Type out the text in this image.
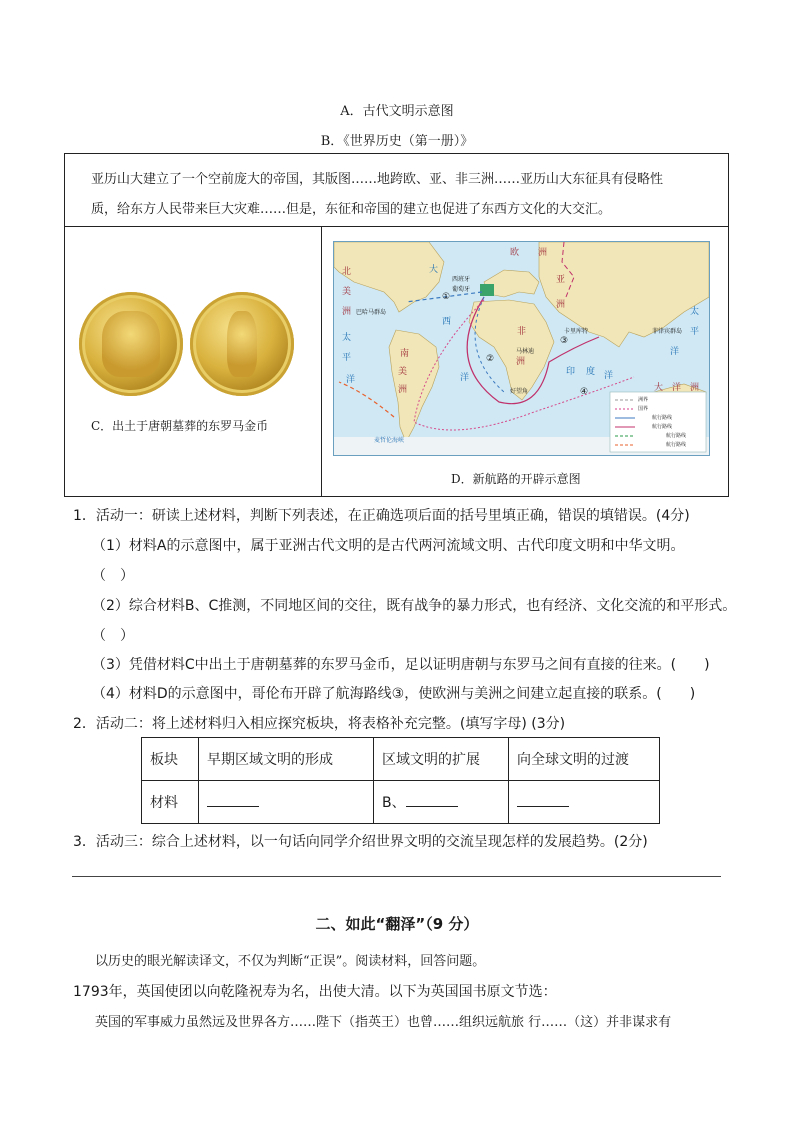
A．古代文明示意图
B．《世界历史（第一册）》
亚历山大建立了一个空前庞大的帝国，其版图……地跨欧、亚、非三洲……亚历山大东征具有侵略性
质，给东方人民带来巨大灾难……但是，东征和帝国的建立也促进了东西方文化的大交汇。
C．出土于唐朝墓葬的东罗马金币
D．新航路的开辟示意图
北
美
洲
太
平
洋
大
西
南
美
洲
欧 洲
亚
洲
非
洲
印 度 洋
洋
大 洋 洲
太
平
洋
西班牙
葡萄牙
巴哈马群岛
卡里库特
马林迪
好望角
菲律宾群岛
麦哲伦海峡
①
②
③
④
洲界
国界
航行路线
航行路线
航行路线
航行路线
1．活动一：研读上述材料，判断下列表述，在正确选项后面的括号里填正确，错误的填错误。(4分)
（1）材料A的示意图中，属于亚洲古代文明的是古代两河流域文明、古代印度文明和中华文明。
（　）
（2）综合材料B、C推测，不同地区间的交往，既有战争的暴力形式，也有经济、文化交流的和平形式。
（　）
（3）凭借材料C中出土于唐朝墓葬的东罗马金币，足以证明唐朝与东罗马之间有直接的往来。(　　)
（4）材料D的示意图中，哥伦布开辟了航海路线③，使欧洲与美洲之间建立起直接的联系。(　　)
2．活动二：将上述材料归入相应探究板块，将表格补充完整。(填写字母) (3分)
板块	早期区域文明的形成	区域文明的扩展	向全球文明的过渡
材料		B、	
3．活动三：综合上述材料，以一句话向同学介绍世界文明的交流呈现怎样的发展趋势。(2分)
二、如此“翻泽”（9 分）
以历史的眼光解读译文，不仅为判断“正误”。阅读材料，回答问题。
1793年，英国使团以向乾隆祝寿为名，出使大清。以下为英国国书原文节选：
英国的军事威力虽然远及世界各方……陛下（指英王）也曾……组织远航旅 行……（这）并非谋求有
